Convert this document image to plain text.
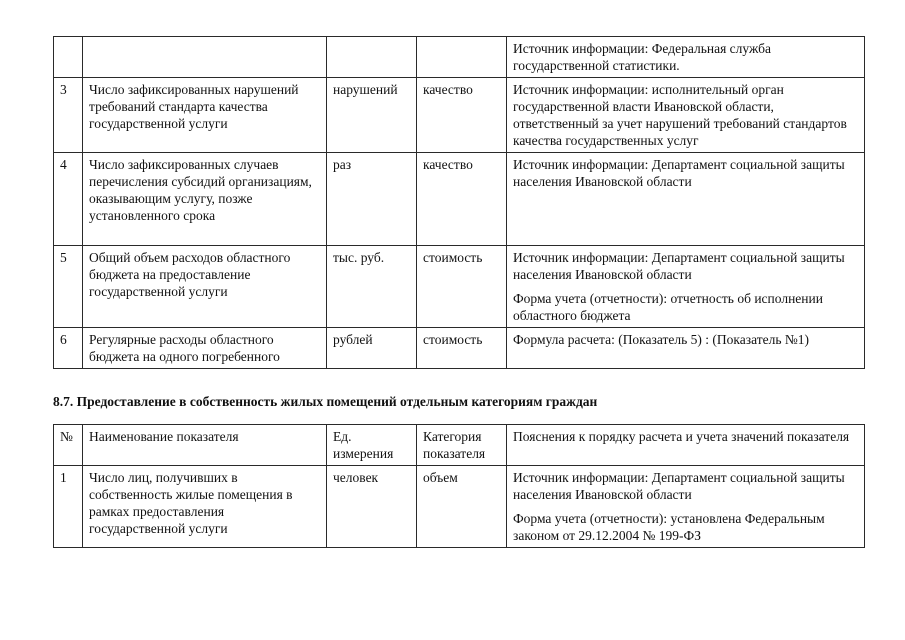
				Источник информации: Федеральная служба государственной статистики.

3	Число зафиксированных нарушений требований стандарта качества государственной услуги	нарушений	качество	Источник информации: исполнительный орган государственной власти Ивановской области, ответственный за учет нарушений требований стандартов качества государственных услуг

4	Число зафиксированных случаев перечисления субсидий организациям, оказывающим услугу, позже установленного срока	раз	качество	Источник информации: Департамент социальной защиты населения Ивановской области

5	Общий объем расходов областного бюджета на предоставление государственной услуги	тыс. руб.	стоимость	Источник информации: Департамент социальной защиты населения Ивановской области
Форма учета (отчетности): отчетность об исполнении областного бюджета

6	Регулярные расходы областного бюджета на одного погребенного	рублей	стоимость	Формула расчета: (Показатель 5) : (Показатель №1)
8.7. Предоставление в собственность жилых помещений отдельным категориям граждан
№	Наименование показателя	Ед. измерения	Категория показателя	Пояснения к порядку расчета и учета значений показателя
1	Число лиц, получивших в собственность жилые помещения в рамках предоставления государственной услуги	человек	объем	Источник информации: Департамент социальной защиты населения Ивановской области
Форма учета (отчетности): установлена Федеральным законом от 29.12.2004 № 199-ФЗ
